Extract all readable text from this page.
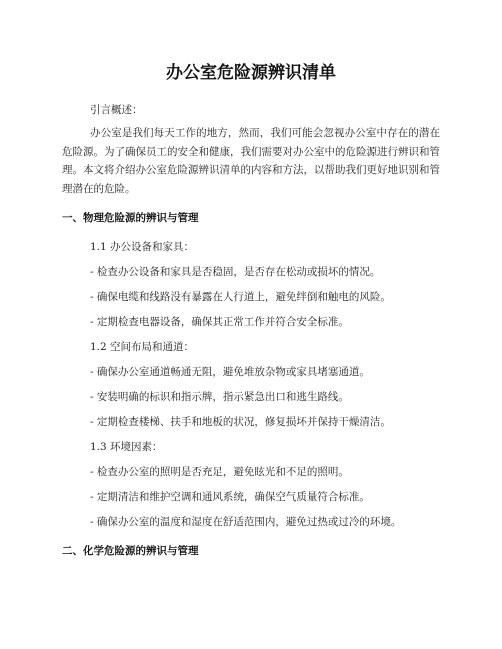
办公室危险源辨识清单
引言概述：
办公室是我们每天工作的地方，然而，我们可能会忽视办公室中存在的潜在危险源。为了确保员工的安全和健康，我们需要对办公室中的危险源进行辨识和管理。本文将介绍办公室危险源辨识清单的内容和方法，以帮助我们更好地识别和管理潜在的危险。
一、物理危险源的辨识与管理
1.1 办公设备和家具：
- 检查办公设备和家具是否稳固，是否存在松动或损坏的情况。
- 确保电缆和线路没有暴露在人行道上，避免绊倒和触电的风险。
- 定期检查电器设备，确保其正常工作并符合安全标准。
1.2 空间布局和通道：
- 确保办公室通道畅通无阻，避免堆放杂物或家具堵塞通道。
- 安装明确的标识和指示牌，指示紧急出口和逃生路线。
- 定期检查楼梯、扶手和地板的状况，修复损坏并保持干燥清洁。
1.3 环境因素：
- 检查办公室的照明是否充足，避免眩光和不足的照明。
- 定期清洁和维护空调和通风系统，确保空气质量符合标准。
- 确保办公室的温度和湿度在舒适范围内，避免过热或过冷的环境。
二、化学危险源的辨识与管理
